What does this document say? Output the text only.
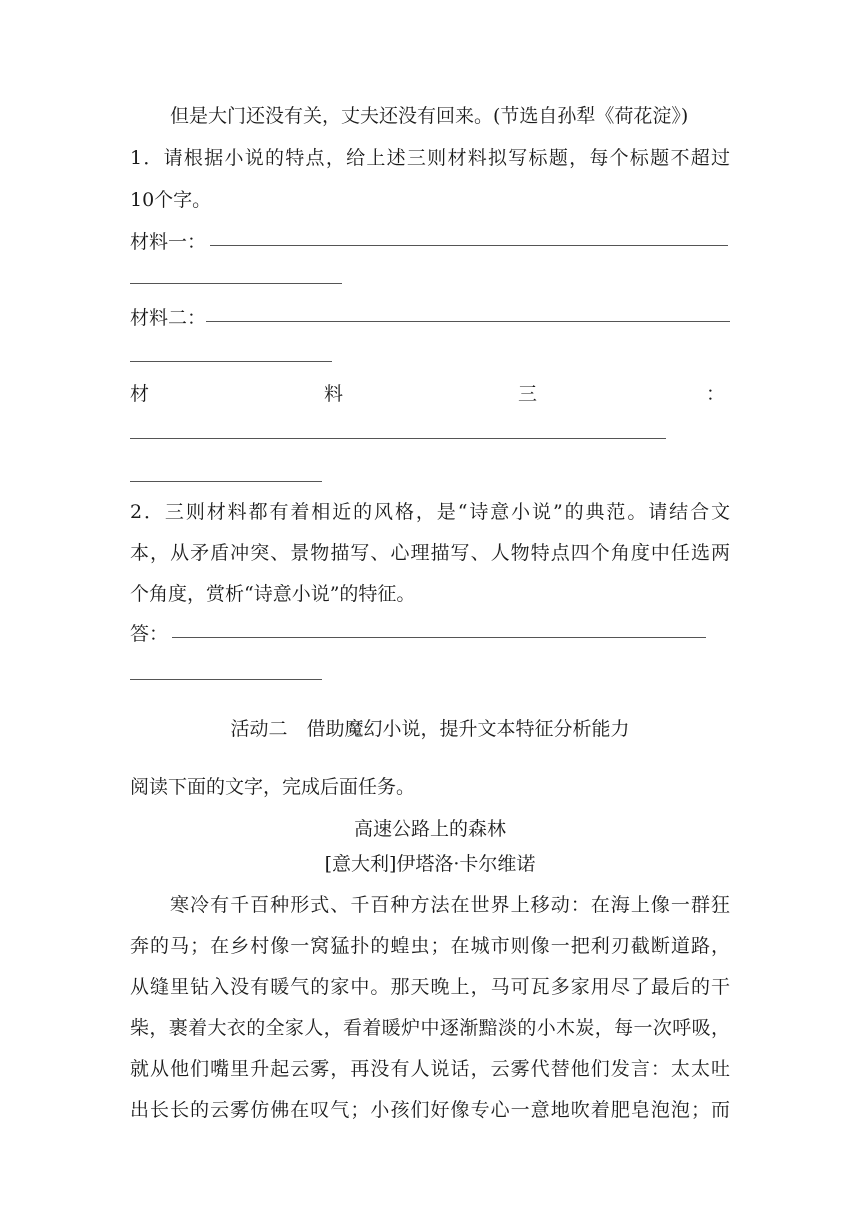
但是大门还没有关，丈夫还没有回来。(节选自孙犁《荷花淀》)
1．请根据小说的特点，给上述三则材料拟写标题，每个标题不超过
10个字。
材料一：
材料二：
材	料	三	：
2．三则材料都有着相近的风格，是“诗意小说”的典范。请结合文
本，从矛盾冲突、景物描写、心理描写、人物特点四个角度中任选两
个角度，赏析“诗意小说”的特征。
答：
活动二　借助魔幻小说，提升文本特征分析能力
阅读下面的文字，完成后面任务。
高速公路上的森林
[意大利]伊塔洛·卡尔维诺
寒冷有千百种形式、千百种方法在世界上移动：在海上像一群狂
奔的马；在乡村像一窝猛扑的蝗虫；在城市则像一把利刃截断道路，
从缝里钻入没有暖气的家中。那天晚上，马可瓦多家用尽了最后的干
柴，裹着大衣的全家人，看着暖炉中逐渐黯淡的小木炭，每一次呼吸，
就从他们嘴里升起云雾，再没有人说话，云雾代替他们发言：太太吐
出长长的云雾仿佛在叹气；小孩们好像专心一意地吹着肥皂泡泡；而
